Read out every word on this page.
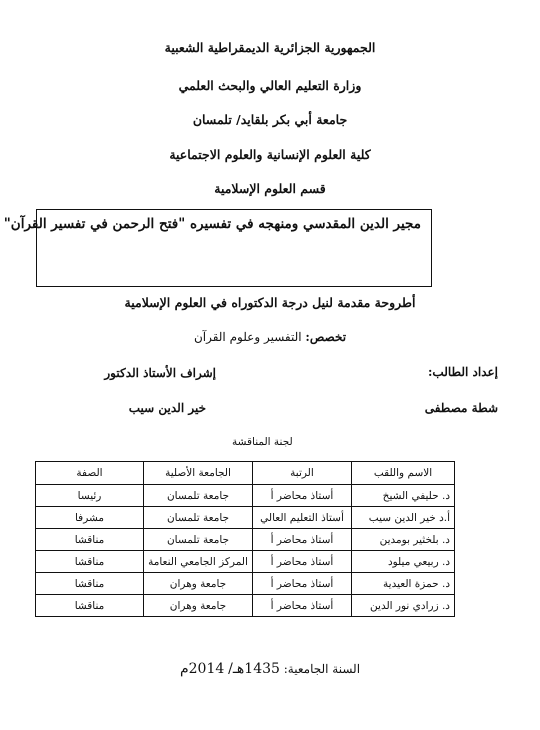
الجمهورية الجزائرية الديمقراطية الشعبية
وزارة التعليم العالي والبحث العلمي
جامعة أبي بكر بلقايد/ تلمسان
كلية العلوم الإنسانية والعلوم الاجتماعية
قسم العلوم الإسلامية
مجير الدين المقدسي ومنهجه في تفسيره "فتح الرحمن في تفسير القرآن"
أطروحة مقدمة لنيل درجة الدكتوراه في العلوم الإسلامية
تخصص: التفسير وعلوم القرآن
إعداد الطالب:
إشراف الأستاذ الدكتور
شطة مصطفى
خير الدين سيب
لجنة المناقشة
الاسم واللقب	الرتبة	الجامعة الأصلية	الصفة
د. حليفي الشيخ	أستاذ محاضر أ	جامعة تلمسان	رئيسا
أ.د خير الدين سيب	أستاذ التعليم العالي	جامعة تلمسان	مشرفا
د. بلخثير بومدين	أستاذ محاضر أ	جامعة تلمسان	مناقشا
د. ربيعي ميلود	أستاذ محاضر أ	المركز الجامعي النعامة	مناقشا
د. حمزة العيدية	أستاذ محاضر أ	جامعة وهران	مناقشا
د. زرادي نور الدين	أستاذ محاضر أ	جامعة وهران	مناقشا
السنة الجامعية: 1435هـ/ 2014م
